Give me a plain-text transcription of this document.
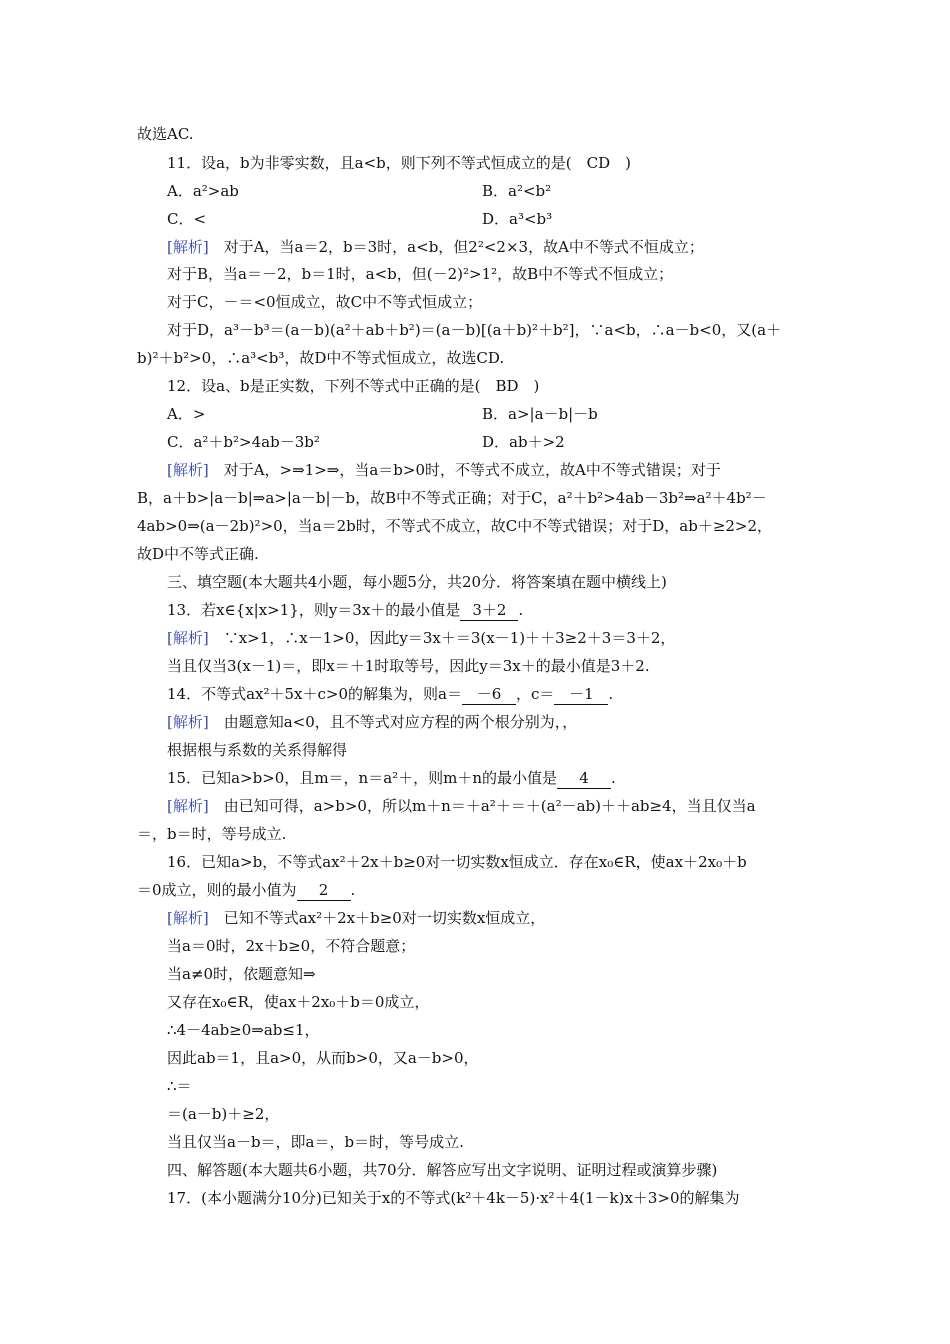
故选AC.
11．设a，b为非零实数，且a<b，则下列不等式恒成立的是(　CD　)
A．a²>ab	B．a²<b²
C．<	D．a³<b³
[解析]　对于A，当a＝2，b＝3时，a<b，但2²<2×3，故A中不等式不恒成立；
对于B，当a＝－2，b＝1时，a<b，但(－2)²>1²，故B中不等式不恒成立；
对于C，－＝<0恒成立，故C中不等式恒成立；
对于D，a³－b³＝(a－b)(a²＋ab＋b²)＝(a－b)[(a＋b)²＋b²]，∵a<b，∴a－b<0，又(a＋
b)²＋b²>0，∴a³<b³，故D中不等式恒成立，故选CD.
12．设a、b是正实数，下列不等式中正确的是(　BD　)
A．>	B．a>|a－b|－b
C．a²＋b²>4ab－3b²	D．ab＋>2
[解析]　对于A，>⇒1>⇒，当a＝b>0时，不等式不成立，故A中不等式错误；对于
B，a＋b>|a－b|⇒a>|a－b|－b，故B中不等式正确；对于C，a²＋b²>4ab－3b²⇒a²＋4b²－
4ab>0⇒(a－2b)²>0，当a＝2b时，不等式不成立，故C中不等式错误；对于D，ab＋≥2>2，
故D中不等式正确.
三、填空题(本大题共4小题，每小题5分，共20分．将答案填在题中横线上)
13．若x∈{x|x>1}，则y＝3x＋的最小值是 3＋2 .
[解析]　∵x>1，∴x－1>0，因此y＝3x＋＝3(x－1)＋＋3≥2＋3＝3＋2，
当且仅当3(x－1)＝，即x＝＋1时取等号，因此y＝3x＋的最小值是3＋2.
14．不等式ax²＋5x＋c>0的解集为，则a＝ －6 ，c＝ －1 .
[解析]　由题意知a<0，且不等式对应方程的两个根分别为，，
根据根与系数的关系得解得
15．已知a>b>0，且m＝，n＝a²＋，则m＋n的最小值是 4 .
[解析]　由已知可得，a>b>0，所以m＋n＝＋a²＋＝＋(a²－ab)＋＋ab≥4，当且仅当a
＝，b＝时，等号成立.
16．已知a>b，不等式ax²＋2x＋b≥0对一切实数x恒成立．存在x₀∈R，使ax＋2x₀＋b
＝0成立，则的最小值为 2 .
[解析]　已知不等式ax²＋2x＋b≥0对一切实数x恒成立，
当a＝0时，2x＋b≥0，不符合题意；
当a≠0时，依题意知⇒
又存在x₀∈R，使ax＋2x₀＋b＝0成立，
∴4－4ab≥0⇒ab≤1，
因此ab＝1，且a>0，从而b>0，又a－b>0，
∴＝
＝(a－b)＋≥2，
当且仅当a－b＝，即a＝，b＝时，等号成立.
四、解答题(本大题共6小题，共70分．解答应写出文字说明、证明过程或演算步骤)
17．(本小题满分10分)已知关于x的不等式(k²＋4k－5)·x²＋4(1－k)x＋3>0的解集为
